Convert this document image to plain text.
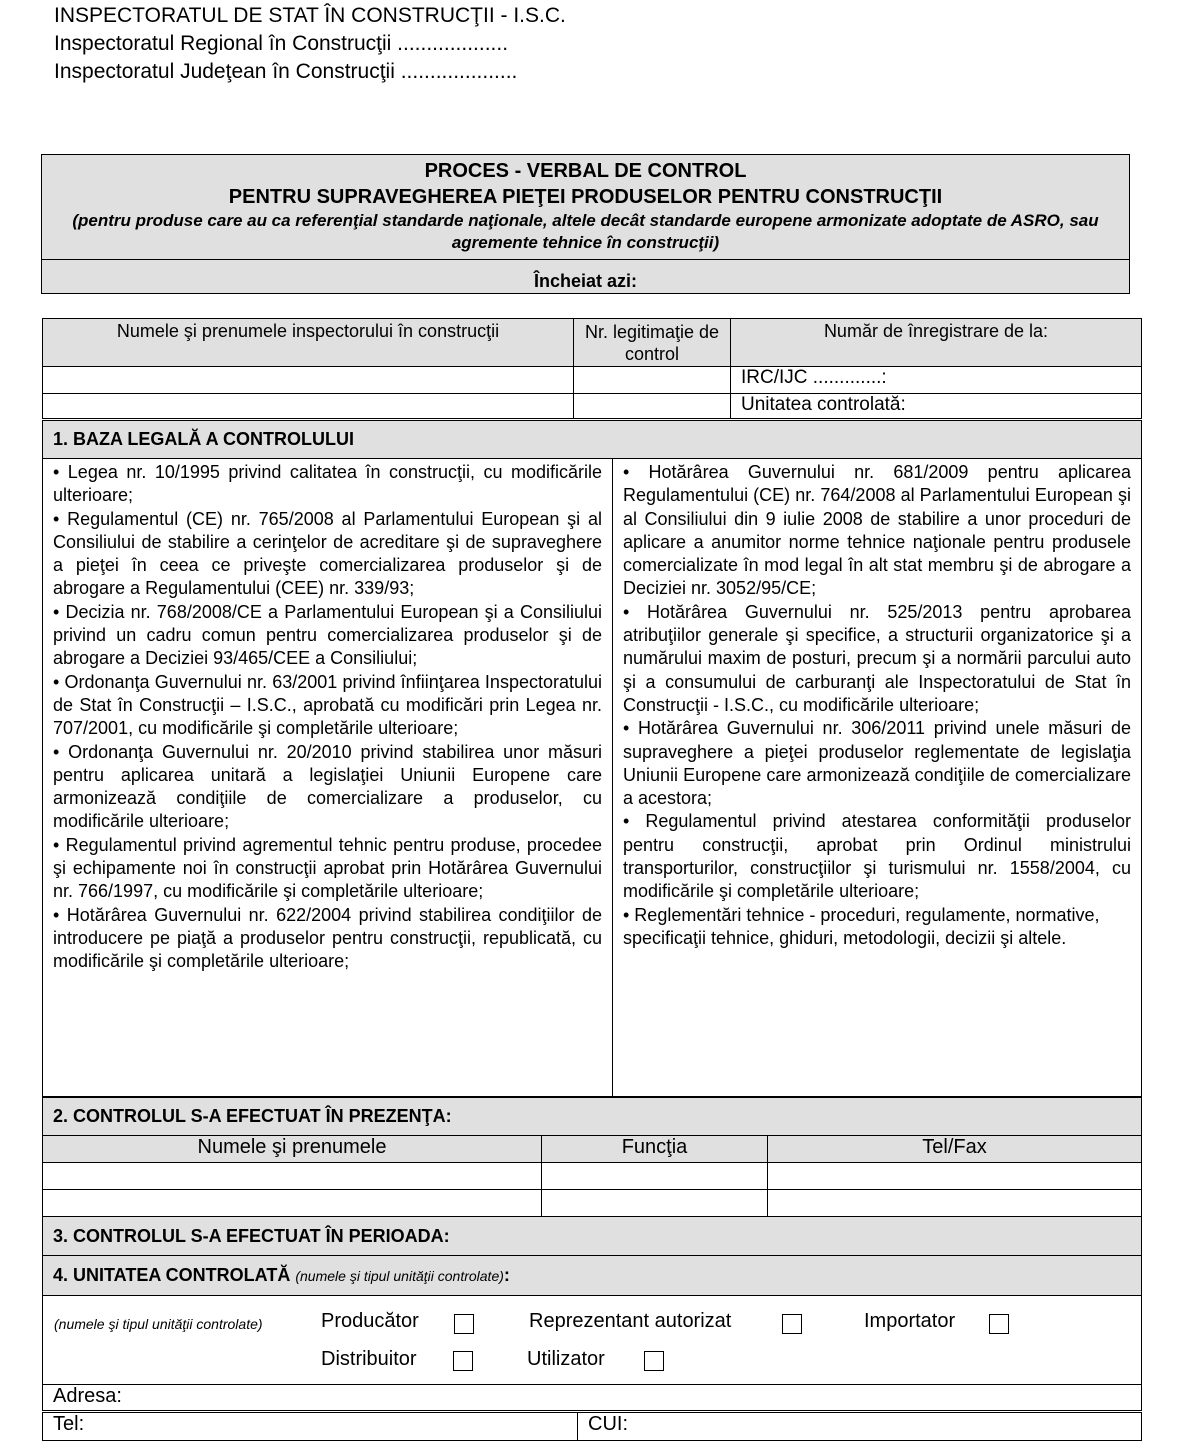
INSPECTORATUL DE STAT ÎN CONSTRUCŢII - I.S.C.
Inspectoratul Regional în Construcţii ...................
Inspectoratul Judeţean în Construcţii ....................
PROCES - VERBAL DE CONTROL
PENTRU SUPRAVEGHEREA PIEŢEI PRODUSELOR PENTRU CONSTRUCŢII
(pentru produse care au ca referenţial standarde naţionale, altele decât standarde europene armonizate adoptate de ASRO, sau agremente tehnice în construcţii)
Încheiat azi:
Numele şi prenumele inspectorului în construcţii	Nr. legitimaţie de control	Număr de înregistrare de la:
		IRC/IJC .............:
		Unitatea controlată:
1. BAZA LEGALĂ A CONTROLULUI

• Legea nr. 10/1995 privind calitatea în construcţii, cu modificările ulterioare;

• Regulamentul (CE) nr. 765/2008 al Parlamentului European şi al Consiliului de stabilire a cerinţelor de acreditare şi de supraveghere a pieţei în ceea ce priveşte comercializarea produselor şi de abrogare a Regulamentului (CEE) nr. 339/93;

• Decizia nr. 768/2008/CE a Parlamentului European şi a Consiliului privind un cadru comun pentru comercializarea produselor şi de abrogare a Deciziei 93/465/CEE a Consiliului;

• Ordonanţa Guvernului nr. 63/2001 privind înfiinţarea Inspectoratului de Stat în Construcţii – I.S.C., aprobată cu modificări prin Legea nr. 707/2001, cu modificările şi completările ulterioare;

• Ordonanţa Guvernului nr. 20/2010 privind stabilirea unor măsuri pentru aplicarea unitară a legislaţiei Uniunii Europene care armonizează condiţiile de comercializare a produselor, cu modificările ulterioare;

• Regulamentul privind agrementul tehnic pentru produse, procedee şi echipamente noi în construcţii aprobat prin Hotărârea Guvernului nr. 766/1997, cu modificările şi completările ulterioare;

• Hotărârea Guvernului nr. 622/2004 privind stabilirea condiţiilor de introducere pe piaţă a produselor pentru construcţii, republicată, cu modificările şi completările ulterioare;

• Hotărârea Guvernului nr. 681/2009 pentru aplicarea Regulamentului (CE) nr. 764/2008 al Parlamentului European şi al Consiliului din 9 iulie 2008 de stabilire a unor proceduri de aplicare a anumitor norme tehnice naţionale pentru produsele comercializate în mod legal în alt stat membru şi de abrogare a Deciziei nr. 3052/95/CE;

• Hotărârea Guvernului nr. 525/2013 pentru aprobarea atribuţiilor generale şi specifice, a structurii organizatorice şi a numărului maxim de posturi, precum şi a normării parcului auto şi a consumului de carburanţi ale Inspectoratului de Stat în Construcţii - I.S.C., cu modificările ulterioare;

• Hotărârea Guvernului nr. 306/2011 privind unele măsuri de supraveghere a pieţei produselor reglementate de legislaţia Uniunii Europene care armonizează condiţiile de comercializare a acestora;

• Regulamentul privind atestarea conformităţii produselor pentru construcţii, aprobat prin Ordinul ministrului transporturilor, construcţiilor şi turismului nr. 1558/2004, cu modificările şi completările ulterioare;

• Reglementări tehnice - proceduri, regulamente, normative, specificaţii tehnice, ghiduri, metodologii, decizii şi altele.

2. CONTROLUL S-A EFECTUAT ÎN PREZENŢA:		
Numele şi prenumele	Funcţia	Tel/Fax

3. CONTROLUL S-A EFECTUAT ÎN PERIOADA:		
4. UNITATEA CONTROLATĂ (numele şi tipul unităţii controlate):		

Adresa:		
Tel:	CUI:
(numele şi tipul unităţii controlate)	Producător	Reprezentant autorizat	Importator
Distribuitor	Utilizator
